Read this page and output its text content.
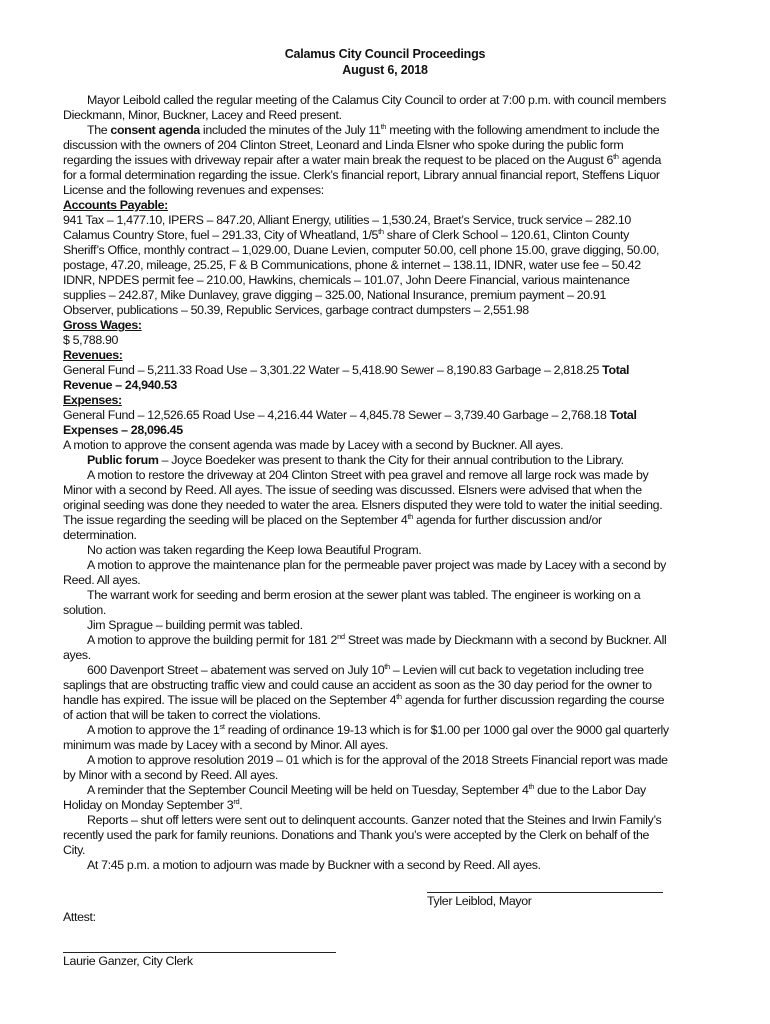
Calamus City Council Proceedings
August 6, 2018
Mayor Leibold called the regular meeting of the Calamus City Council to order at 7:00 p.m. with council members
Dieckmann, Minor, Buckner, Lacey and Reed present.
The consent agenda included the minutes of the July 11th meeting with the following amendment to include the
discussion with the owners of 204 Clinton Street, Leonard and Linda Elsner who spoke during the public form
regarding the issues with driveway repair after a water main break the request to be placed on the August 6th agenda
for a formal determination regarding the issue. Clerk’s financial report, Library annual financial report, Steffens Liquor
License and the following revenues and expenses:
Accounts Payable:
941 Tax – 1,477.10, IPERS – 847.20, Alliant Energy, utilities – 1,530.24, Braet’s Service, truck service – 282.10
Calamus Country Store, fuel – 291.33, City of Wheatland, 1/5th share of Clerk School – 120.61, Clinton County
Sheriff’s Office, monthly contract – 1,029.00, Duane Levien, computer 50.00, cell phone 15.00, grave digging, 50.00,
postage, 47.20, mileage, 25.25, F & B Communications, phone & internet – 138.11, IDNR, water use fee – 50.42
IDNR, NPDES permit fee – 210.00, Hawkins, chemicals – 101.07, John Deere Financial, various maintenance
supplies – 242.87, Mike Dunlavey, grave digging – 325.00, National Insurance, premium payment – 20.91
Observer, publications – 50.39, Republic Services, garbage contract dumpsters – 2,551.98
Gross Wages:
$ 5,788.90
Revenues:
General Fund – 5,211.33 Road Use – 3,301.22 Water – 5,418.90 Sewer – 8,190.83 Garbage – 2,818.25 Total
Revenue – 24,940.53
Expenses:
General Fund – 12,526.65 Road Use – 4,216.44 Water – 4,845.78 Sewer – 3,739.40 Garbage – 2,768.18 Total
Expenses – 28,096.45
A motion to approve the consent agenda was made by Lacey with a second by Buckner. All ayes.
Public forum – Joyce Boedeker was present to thank the City for their annual contribution to the Library.
A motion to restore the driveway at 204 Clinton Street with pea gravel and remove all large rock was made by
Minor with a second by Reed. All ayes. The issue of seeding was discussed. Elsners were advised that when the
original seeding was done they needed to water the area. Elsners disputed they were told to water the initial seeding.
The issue regarding the seeding will be placed on the September 4th agenda for further discussion and/or
determination.
No action was taken regarding the Keep Iowa Beautiful Program.
A motion to approve the maintenance plan for the permeable paver project was made by Lacey with a second by
Reed. All ayes.
The warrant work for seeding and berm erosion at the sewer plant was tabled. The engineer is working on a
solution.
Jim Sprague – building permit was tabled.
A motion to approve the building permit for 181 2nd Street was made by Dieckmann with a second by Buckner. All
ayes.
600 Davenport Street – abatement was served on July 10th – Levien will cut back to vegetation including tree
saplings that are obstructing traffic view and could cause an accident as soon as the 30 day period for the owner to
handle has expired. The issue will be placed on the September 4th agenda for further discussion regarding the course
of action that will be taken to correct the violations.
A motion to approve the 1st reading of ordinance 19-13 which is for $1.00 per 1000 gal over the 9000 gal quarterly
minimum was made by Lacey with a second by Minor. All ayes.
A motion to approve resolution 2019 – 01 which is for the approval of the 2018 Streets Financial report was made
by Minor with a second by Reed. All ayes.
A reminder that the September Council Meeting will be held on Tuesday, September 4th due to the Labor Day
Holiday on Monday September 3rd.
Reports – shut off letters were sent out to delinquent accounts. Ganzer noted that the Steines and Irwin Family’s
recently used the park for family reunions. Donations and Thank you’s were accepted by the Clerk on behalf of the
City.
At 7:45 p.m. a motion to adjourn was made by Buckner with a second by Reed. All ayes.
Tyler Leiblod, Mayor
Attest:
Laurie Ganzer, City Clerk
